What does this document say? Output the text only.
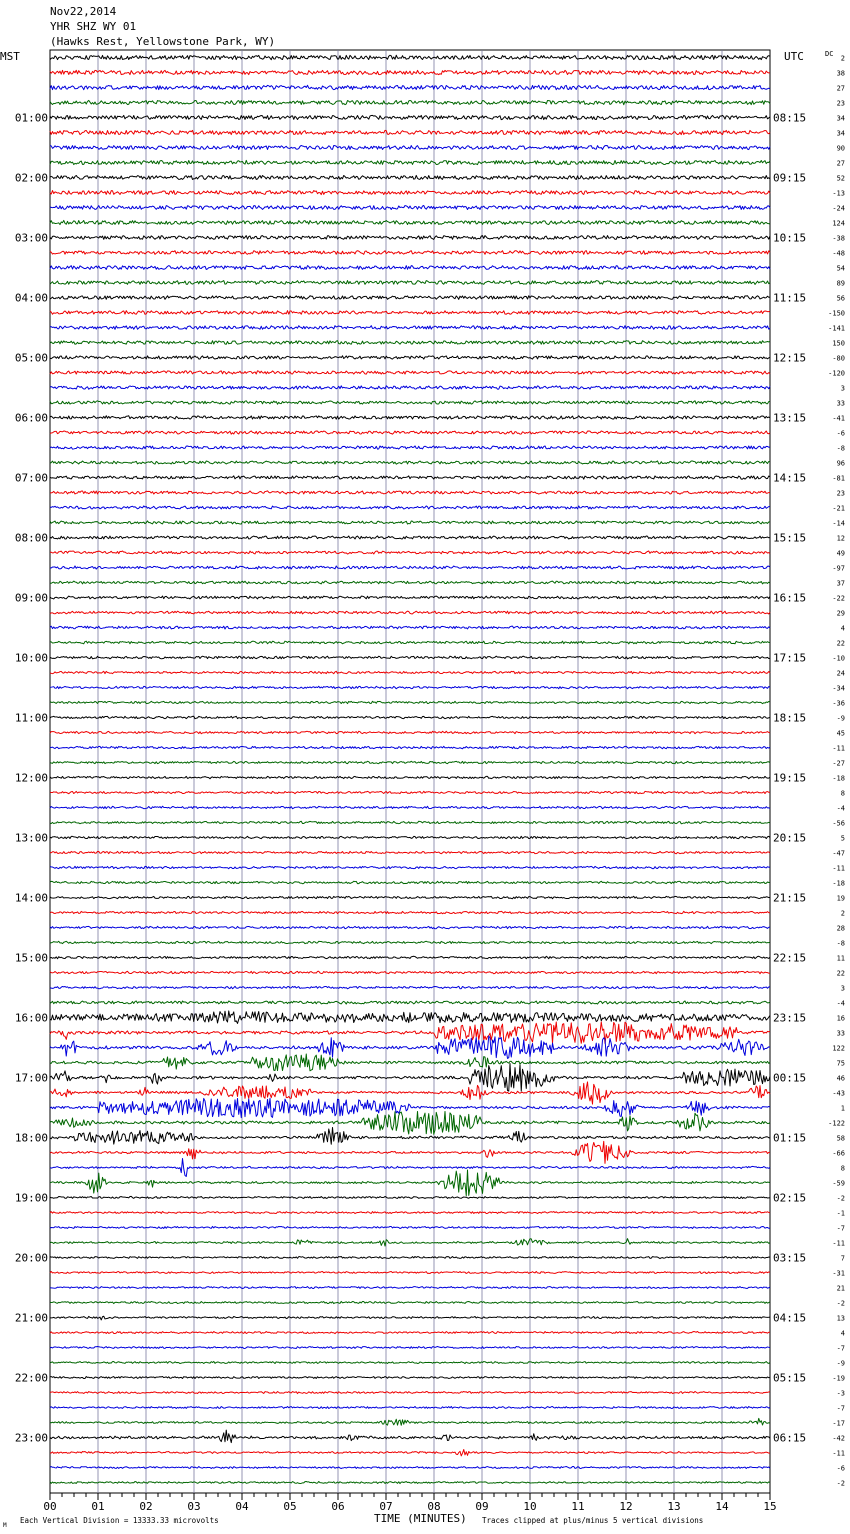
00	01	02	03	04	05	06	07	08	09	10	11	12	13	14	15
2
38
27
23
34
34
90
27
52
-13
-24
124
-38
-48
54
89
56
-150
-141
150
-80
-120
3
33
-41
-6
-8
96
-81
23
-21
-14
12
49
-97
37
-22
29
4
22
-10
24
-34
-36
-9
45
-11
-27
-18
8
-4
-56
5
-47
-11
-18
19
2
28
-8
11
22
3
-4
16
33
122
75
46
-43
1
-122
58
-66
8
-59
-2
-1
-7
-11
7
-31
21
-2
13
4
-7
-9
-19
-3
-7
-17
-42
-11
-6
-2
01:00	08:15
02:00	09:15
03:00	10:15
04:00	11:15
05:00	12:15
06:00	13:15
07:00	14:15
08:00	15:15
09:00	16:15
10:00	17:15
11:00	18:15
12:00	19:15
13:00	20:15
14:00	21:15
15:00	22:15
16:00	23:15
17:00	00:15
18:00	01:15
19:00	02:15
20:00	03:15
21:00	04:15
22:00	05:15
23:00	06:15
Nov22,2014
YHR SHZ WY 01
(Hawks Rest, Yellowstone Park, WY)
MST	UTC	DC
TIME (MINUTES)
Each Vertical Division = 13333.33 microvolts	Traces clipped at plus/minus 5 vertical divisions
M
